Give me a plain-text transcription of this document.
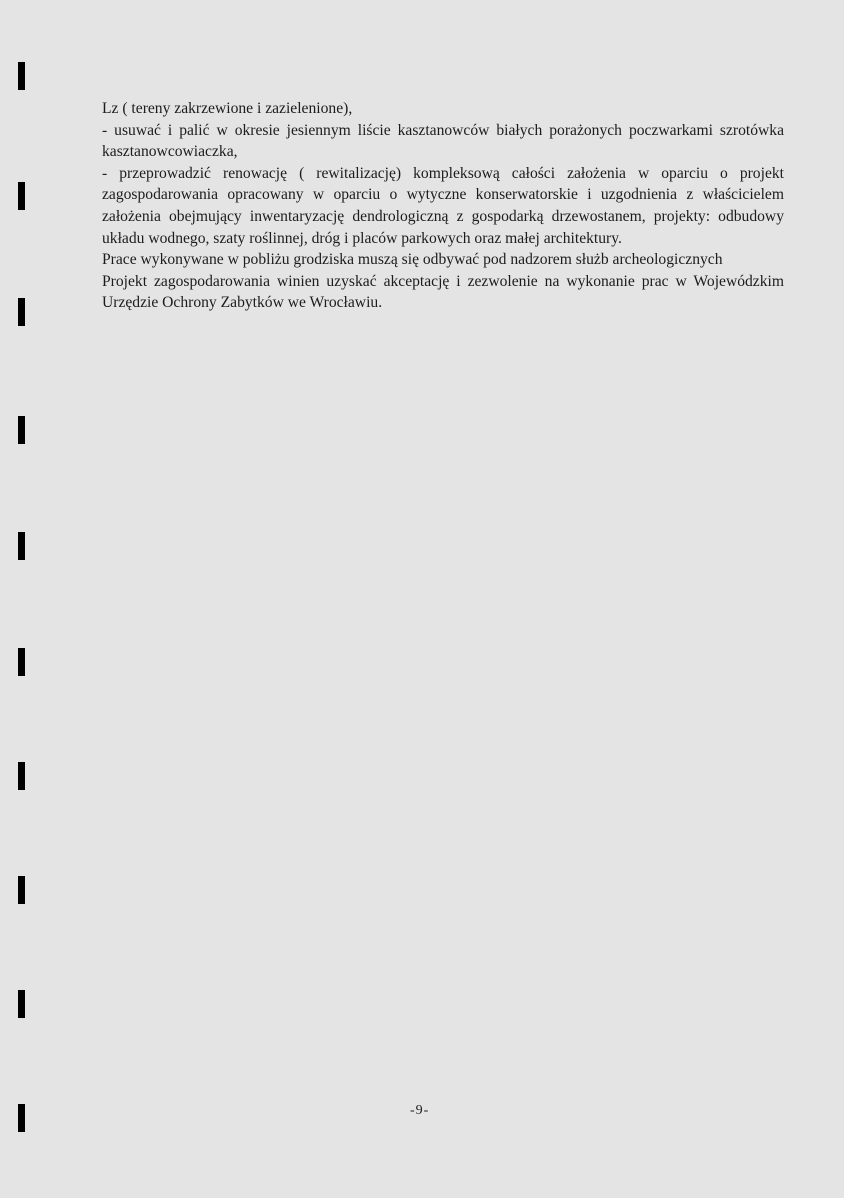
Lz ( tereny zakrzewione i zazielenione),

- usuwać i palić w okresie jesiennym liście kasztanowców białych porażonych poczwarkami szrotówka kasztanowcowiaczka,

- przeprowadzić renowację ( rewitalizację) kompleksową całości założenia w oparciu o projekt zagospodarowania opracowany w oparciu o wytyczne konserwatorskie i uzgodnienia z właścicielem założenia obejmujący inwentaryzację dendrologiczną z gospodarką drzewostanem, projekty: odbudowy układu wodnego, szaty roślinnej, dróg i placów parkowych oraz małej architektury.

Prace wykonywane w pobliżu grodziska muszą się odbywać pod nadzorem służb archeologicznych

Projekt zagospodarowania winien uzyskać akceptację i zezwolenie na wykonanie prac w Wojewódzkim Urzędzie Ochrony Zabytków we Wrocławiu.

-9-
